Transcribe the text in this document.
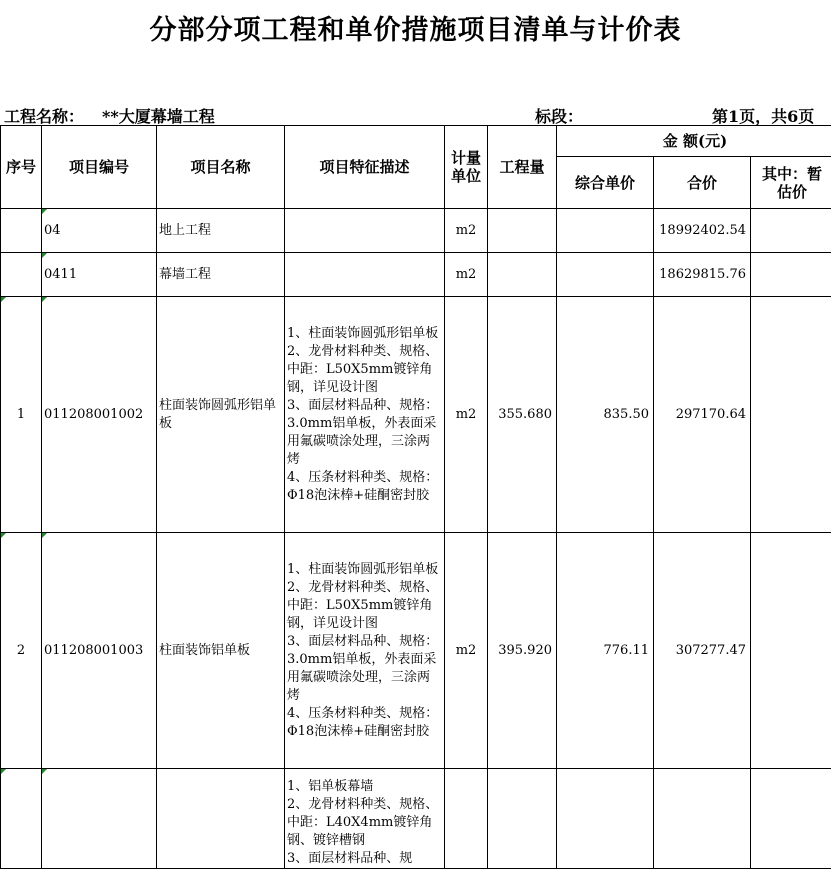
分部分项工程和单价措施项目清单与计价表
工程名称： **大厦幕墙工程	标段：	第1页，共6页
序号	项目编号	项目名称	项目特征描述	计量单位	工程量	金 额(元)		
						综合单价	合价	其中：暂估价
	04	地上工程		m2			18992402.54	
	0411	幕墙工程		m2			18629815.76	
1	011208001002	柱面装饰圆弧形铝单板	1、柱面装饰圆弧形铝单板
2、龙骨材料种类、规格、中距：L50X5mm镀锌角钢，详见设计图
3、面层材料品种、规格：3.0mm铝单板，外表面采用氟碳喷涂处理，三涂两烤
4、压条材料种类、规格：Φ18泡沫棒+硅酮密封胶	m2	355.680	835.50	297170.64	
2	011208001003	柱面装饰铝单板	1、柱面装饰圆弧形铝单板
2、龙骨材料种类、规格、中距：L50X5mm镀锌角钢，详见设计图
3、面层材料品种、规格：3.0mm铝单板，外表面采用氟碳喷涂处理，三涂两烤
4、压条材料种类、规格：Φ18泡沫棒+硅酮密封胶	m2	395.920	776.11	307277.47	
			1、铝单板幕墙
2、龙骨材料种类、规格、中距：L40X4mm镀锌角钢、镀锌槽钢
3、面层材料品种、规					
